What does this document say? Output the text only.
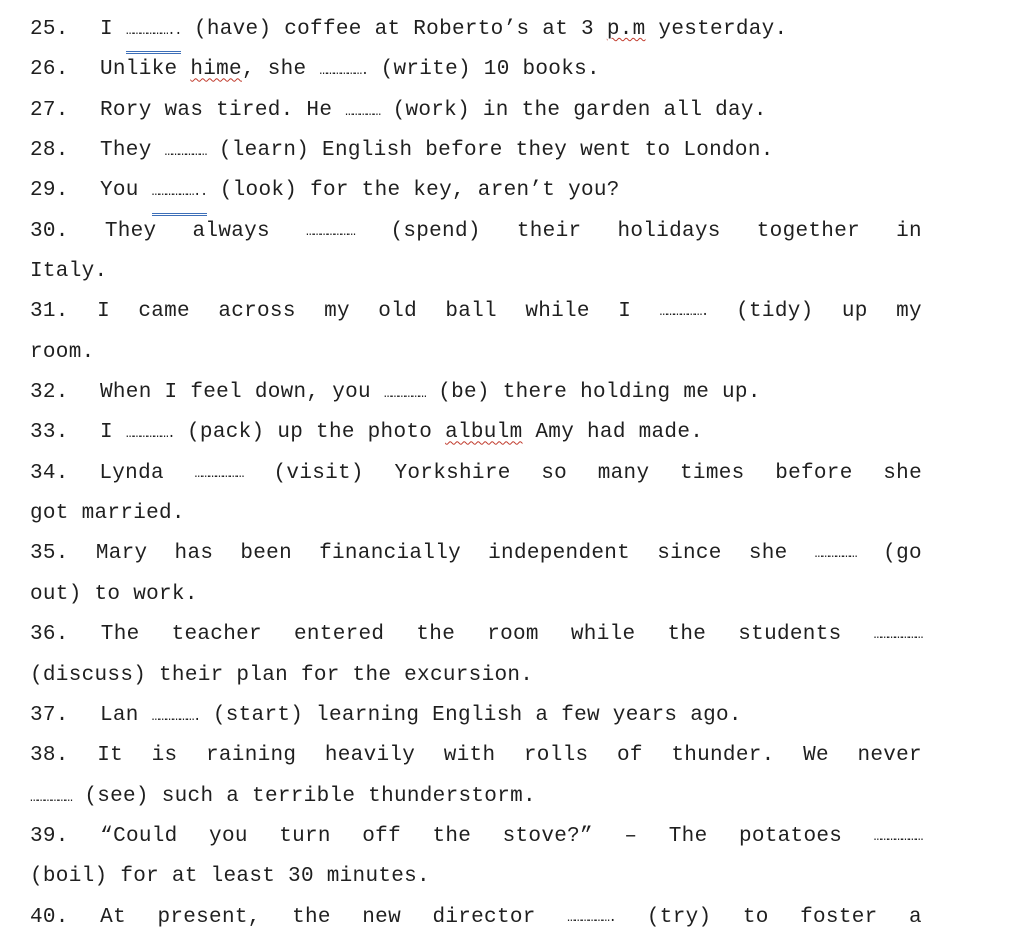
25. I ……………….. (have) coffee at Roberto’s at 3 p.m yesterday.
26. Unlike hime, she ………………. (write) 10 books.
27. Rory was tired. He …………… (work) in the garden all day.
28. They ……………… (learn) English before they went to London.
29. You ……………….. (look) for the key, aren’t you?
30. They always	………………… (spend) their holidays together in
Italy.
31. I came across my old ball while I ………………. (tidy) up my
room.
32. When I feel down, you ……………… (be) there holding me up.
33. I ………………. (pack) up the photo albulm Amy had made.
34. Lynda ………………… (visit) Yorkshire so many times before she
got married.
35. Mary has been financially independent since she ……………… (go
out) to work.
36. The teacher entered the room while the students …………………
(discuss) their plan for the excursion.
37. Lan ………………. (start) learning English a few years ago.
38. It is raining heavily with rolls of thunder. We never
……………… (see) such a terrible thunderstorm.
39. “Could you turn off the stove?” – The potatoes …………………
(boil) for at least 30 minutes.
40. At present, the new director ………………. (try) to foster a
